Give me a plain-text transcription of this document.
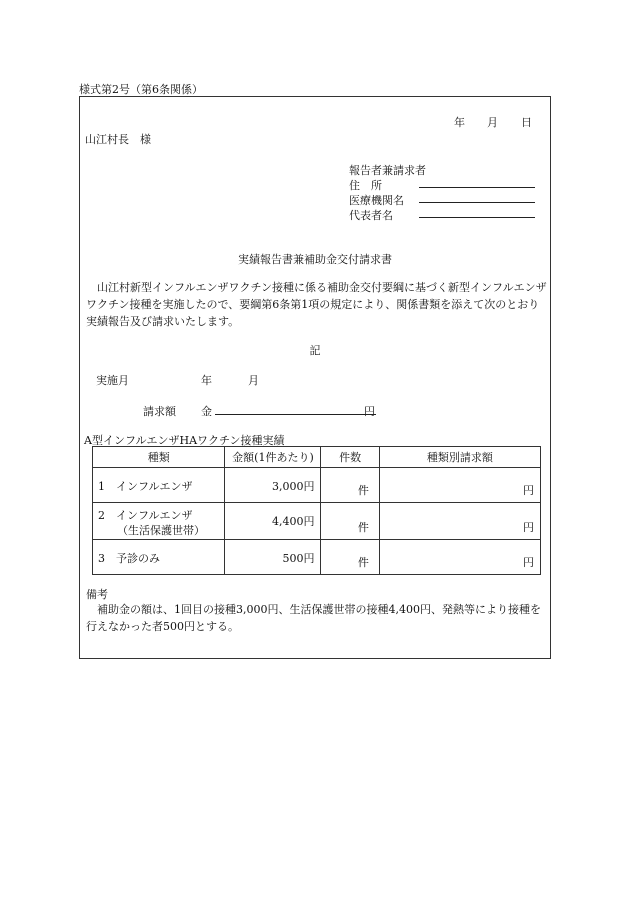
様式第2号（第6条関係）
年 月 日
山江村長　様
報告者兼請求者
住　所
医療機関名
代表者名
実績報告書兼補助金交付請求書
山江村新型インフルエンザワクチン接種に係る補助金交付要綱に基づく新型インフルエンザワクチン接種を実施したので、要綱第6条第1項の規定により、関係書類を添えて次のとおり実績報告及び請求いたします。
記
実施月	年	月
請求額 金	円
A型インフルエンザHAワクチン接種実績
種類	金額(1件あたり)	件数	種類別請求額

1　インフルエンザ	3,000円	件	円

2　インフルエンザ
（生活保護世帯）	4,400円	件	円

3　予診のみ	500円	件	円
備考
補助金の額は、1回目の接種3,000円、生活保護世帯の接種4,400円、発熱等により接種を行えなかった者500円とする。
